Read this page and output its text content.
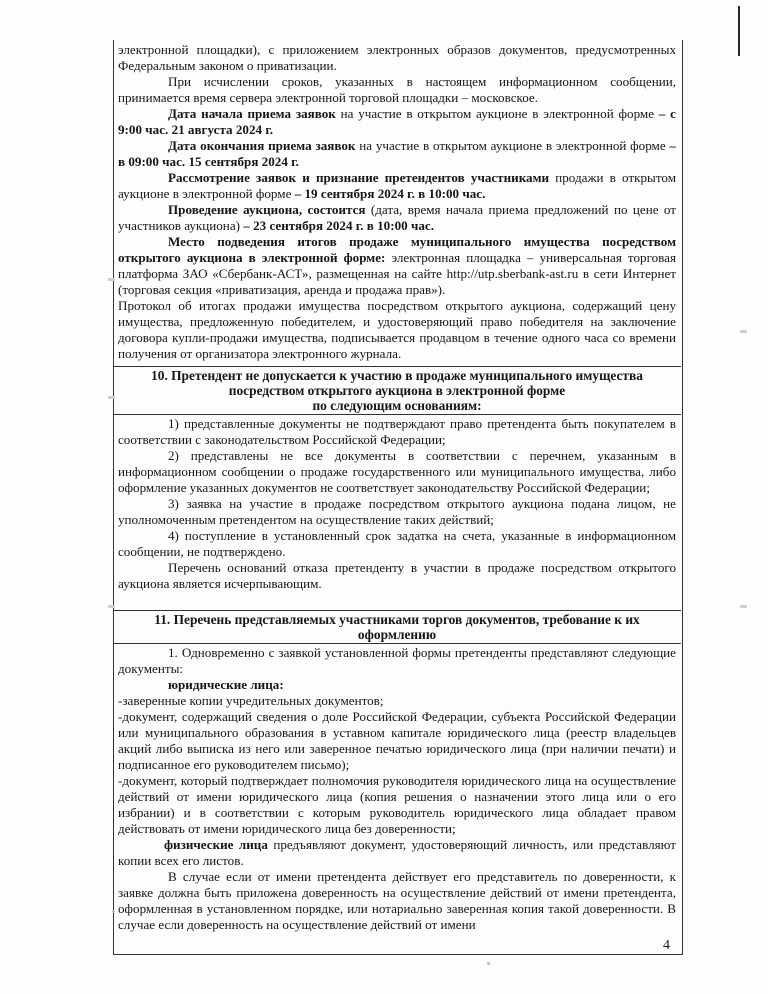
электронной площадки), с приложением электронных образов документов, предусмотренных Федеральным законом о приватизации.

При исчислении сроков, указанных в настоящем информационном сообщении, принимается время сервера электронной торговой площадки – московское.

Дата начала приема заявок на участие в открытом аукционе в электронной форме – с 9:00 час. 21 августа 2024 г.

Дата окончания приема заявок на участие в открытом аукционе в электронной форме – в 09:00 час. 15 сентября 2024 г.

Рассмотрение заявок и признание претендентов участниками продажи в открытом аукционе в электронной форме – 19 сентября 2024 г. в 10:00 час.

Проведение аукциона, состоится (дата, время начала приема предложений по цене от участников аукциона) – 23 сентября 2024 г. в 10:00 час.

Место подведения итогов продаже муниципального имущества посредством открытого аукциона в электронной форме: электронная площадка – универсальная торговая платформа ЗАО «Сбербанк-АСТ», размещенная на сайте http://utp.sberbank-ast.ru в сети Интернет (торговая секция «приватизация, аренда и продажа прав»).

Протокол об итогах продажи имущества посредством открытого аукциона, содержащий цену имущества, предложенную победителем, и удостоверяющий право победителя на заключение договора купли-продажи имущества, подписывается продавцом в течение одного часа со времени получения от организатора электронного журнала.

10. Претендент не допускается к участию в продаже муниципального имущества
посредством открытого аукциона в электронной форме
по следующим основаниям:

1) представленные документы не подтверждают право претендента быть покупателем в соответствии с законодательством Российской Федерации;

2) представлены не все документы в соответствии с перечнем, указанным в информационном сообщении о продаже государственного или муниципального имущества, либо оформление указанных документов не соответствует законодательству Российской Федерации;

3) заявка на участие в продаже посредством открытого аукциона подана лицом, не уполномоченным претендентом на осуществление таких действий;

4) поступление в установленный срок задатка на счета, указанные в информационном сообщении, не подтверждено.

Перечень оснований отказа претенденту в участии в продаже посредством открытого аукциона является исчерпывающим.

11. Перечень представляемых участниками торгов документов, требование к их
оформлению

1. Одновременно с заявкой установленной формы претенденты представляют следующие документы:

юридические лица:

-заверенные копии учредительных документов;

-документ, содержащий сведения о доле Российской Федерации, субъекта Российской Федерации или муниципального образования в уставном капитале юридического лица (реестр владельцев акций либо выписка из него или заверенное печатью юридического лица (при наличии печати) и подписанное его руководителем письмо);

-документ, который подтверждает полномочия руководителя юридического лица на осуществление действий от имени юридического лица (копия решения о назначении этого лица или о его избрании) и в соответствии с которым руководитель юридического лица обладает правом действовать от имени юридического лица без доверенности;

физические лица предъявляют документ, удостоверяющий личность, или представляют копии всех его листов.

В случае если от имени претендента действует его представитель по доверенности, к заявке должна быть приложена доверенность на осуществление действий от имени претендента, оформленная в установленном порядке, или нотариально заверенная копия такой доверенности. В случае если доверенность на осуществление действий от имени

4
